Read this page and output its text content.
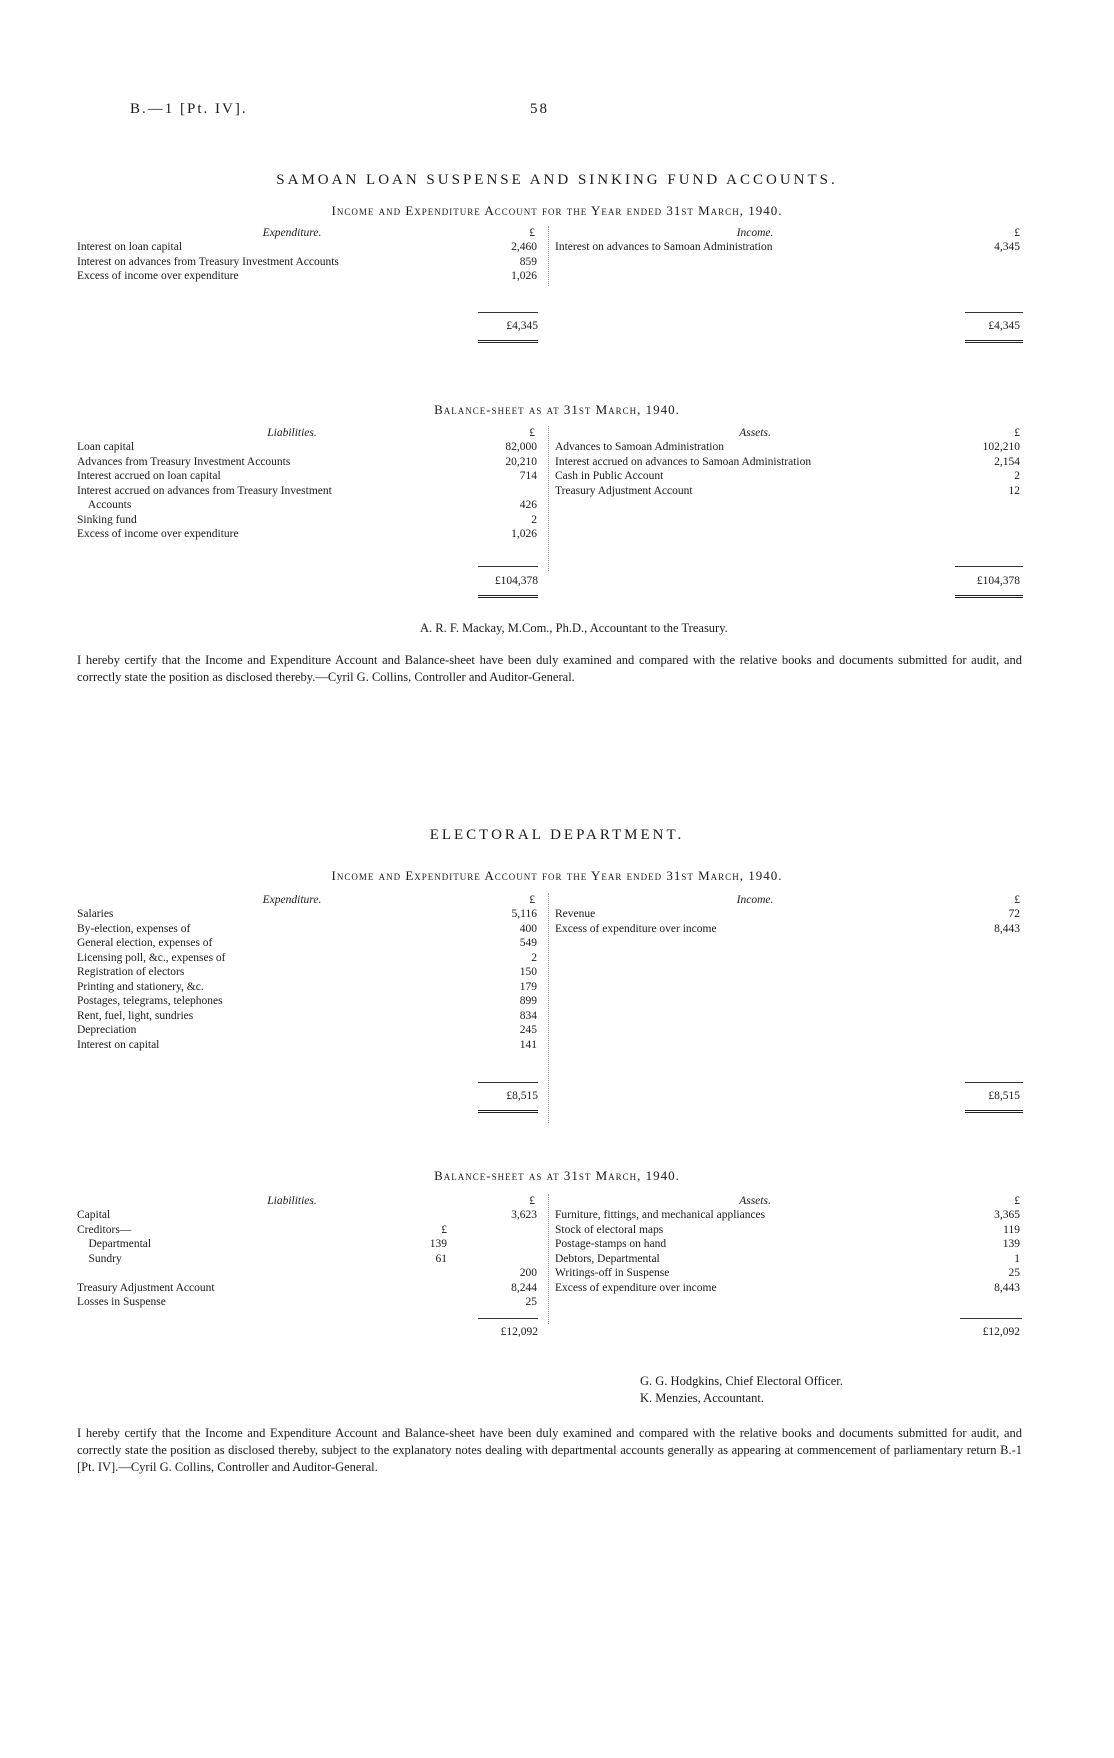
B.—1 [Pt. IV].	58
SAMOAN LOAN SUSPENSE AND SINKING FUND ACCOUNTS.
Income and Expenditure Account for the Year ended 31st March, 1940.
Expenditure.	£	Income.	£
Interest on loan capital	2,460
Interest on advances from Treasury Investment Accounts	859
Excess of income over expenditure	1,026
Interest on advances to Samoan Administration	4,345
£4,345	£4,345
Balance-sheet as at 31st March, 1940.
Liabilities.	£	Assets.	£
Loan capital	82,000
Advances from Treasury Investment Accounts	20,210
Interest accrued on loan capital	714
Interest accrued on advances from Treasury Investment
Accounts	426
Sinking fund	2
Excess of income over expenditure	1,026
Advances to Samoan Administration	102,210
Interest accrued on advances to Samoan Administration	2,154
Cash in Public Account	2
Treasury Adjustment Account	12
£104,378	£104,378
A. R. F. Mackay, M.Com., Ph.D., Accountant to the Treasury.
I hereby certify that the Income and Expenditure Account and Balance-sheet have been duly examined and compared with the relative books and documents submitted for audit, and correctly state the position as disclosed thereby.—Cyril G. Collins, Controller and Auditor-General.
ELECTORAL DEPARTMENT.
Income and Expenditure Account for the Year ended 31st March, 1940.
Expenditure.	£	Income.	£
Salaries	5,116
By-election, expenses of	400
General election, expenses of	549
Licensing poll, &c., expenses of	2
Registration of electors	150
Printing and stationery, &c.	179
Postages, telegrams, telephones	899
Rent, fuel, light, sundries	834
Depreciation	245
Interest on capital	141
Revenue	72
Excess of expenditure over income	8,443
£8,515	£8,515
Balance-sheet as at 31st March, 1940.
Liabilities.	£	Assets.	£
Capital	3,623
Creditors—	£
Departmental	139
Sundry	61
200
Treasury Adjustment Account	8,244
Losses in Suspense	25
Furniture, fittings, and mechanical appliances	3,365
Stock of electoral maps	119
Postage-stamps on hand	139
Debtors, Departmental	1
Writings-off in Suspense	25
Excess of expenditure over income	8,443
£12,092	£12,092
G. G. Hodgkins, Chief Electoral Officer.
K. Menzies, Accountant.
I hereby certify that the Income and Expenditure Account and Balance-sheet have been duly examined and compared with the relative books and documents submitted for audit, and correctly state the position as disclosed thereby, subject to the explanatory notes dealing with departmental accounts generally as appearing at commencement of parliamentary return B.-1 [Pt. IV].—Cyril G. Collins, Controller and Auditor-General.
